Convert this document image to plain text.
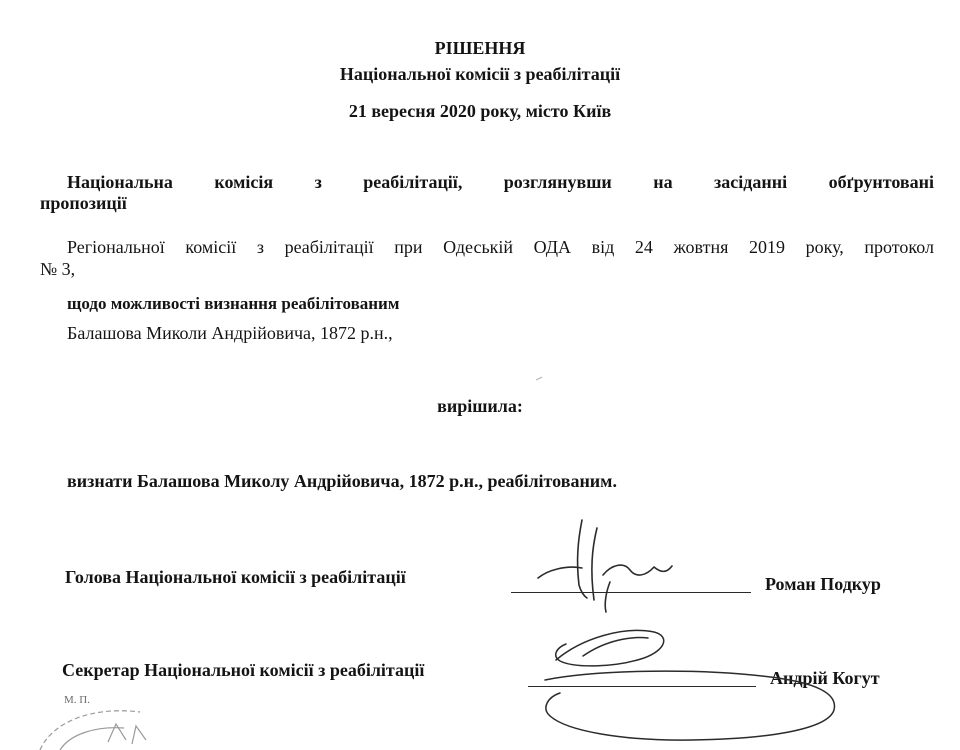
РІШЕННЯ
Національної комісії з реабілітації
21 вересня 2020 року, місто Київ
Національна комісія з реабілітації, розглянувши на засіданні обґрунтовані
пропозиції
Регіональної комісії з реабілітації при Одеській ОДА від 24 жовтня 2019 року, протокол
№ 3,
щодо можливості визнання реабілітованим
Балашова Миколи Андрійовича, 1872 р.н.,
вирішила:
визнати Балашова Миколу Андрійовича, 1872 р.н., реабілітованим.
Голова Національної комісії з реабілітації	Роман Подкур
Секретар Національної комісії з реабілітації	Андрій Когут
М. П.
